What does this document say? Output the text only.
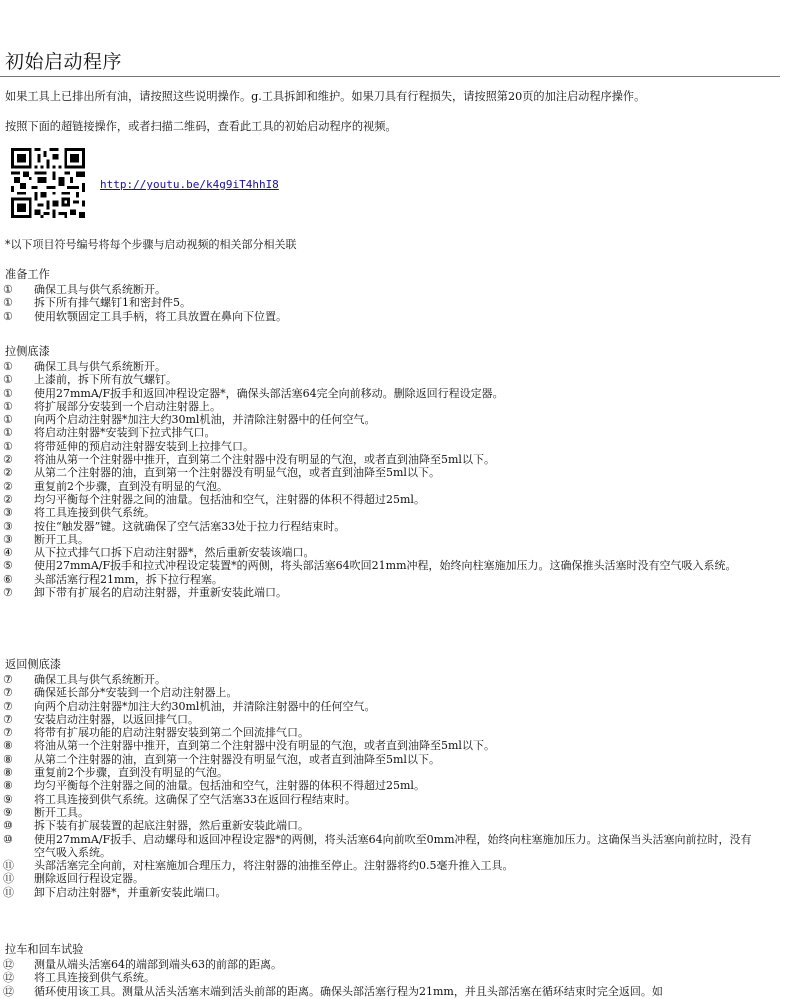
初始启动程序

如果工具上已排出所有油，请按照这些说明操作。g.工具拆卸和维护。如果刀具有行程损失，请按照第20页的加注启动程序操作。

按照下面的超链接操作，或者扫描二维码，查看此工具的初始启动程序的视频。

http://youtu.be/k4g9iT4hhI8

*以下项目符号编号将每个步骤与启动视频的相关部分相关联

准备工作
①	确保工具与供气系统断开。
①	拆下所有排气螺钉1和密封件5。
①	使用软颚固定工具手柄，将工具放置在鼻向下位置。
拉侧底漆
①	确保工具与供气系统断开。
①	上漆前，拆下所有放气螺钉。
①	使用27mmA/F扳手和返回冲程设定器*，确保头部活塞64完全向前移动。删除返回行程设定器。
①	将扩展部分安装到一个启动注射器上。
①	向两个启动注射器*加注大约30ml机油，并清除注射器中的任何空气。
①	将启动注射器*安装到下拉式排气口。
①	将带延伸的预启动注射器安装到上拉排气口。
②	将油从第一个注射器中推开，直到第二个注射器中没有明显的气泡，或者直到油降至5ml以下。
②	从第二个注射器的油，直到第一个注射器没有明显气泡，或者直到油降至5ml以下。
②	重复前2个步骤，直到没有明显的气泡。
②	均匀平衡每个注射器之间的油量。包括油和空气，注射器的体积不得超过25ml。
③	将工具连接到供气系统。
③	按住“触发器”键。这就确保了空气活塞33处于拉力行程结束时。
③	断开工具。
④	从下拉式排气口拆下启动注射器*，然后重新安装该端口。
⑤	使用27mmA/F扳手和拉式冲程设定装置*的两侧，将头部活塞64吹回21mm冲程，始终向柱塞施加压力。这确保推头活塞时没有空气吸入系统。
⑥	头部活塞行程21mm，拆下拉行程塞。
⑦	卸下带有扩展名的启动注射器，并重新安装此端口。
返回侧底漆
⑦	确保工具与供气系统断开。
⑦	确保延长部分*安装到一个启动注射器上。
⑦	向两个启动注射器*加注大约30ml机油，并清除注射器中的任何空气。
⑦	安装启动注射器，以返回排气口。
⑦	将带有扩展功能的启动注射器安装到第二个回流排气口。
⑧	将油从第一个注射器中推开，直到第二个注射器中没有明显的气泡，或者直到油降至5ml以下。
⑧	从第二个注射器的油，直到第一个注射器没有明显气泡，或者直到油降至5ml以下。
⑧	重复前2个步骤，直到没有明显的气泡。
⑧	均匀平衡每个注射器之间的油量。包括油和空气，注射器的体积不得超过25ml。
⑨	将工具连接到供气系统。这确保了空气活塞33在返回行程结束时。
⑨	断开工具。
⑩	拆下装有扩展装置的起底注射器，然后重新安装此端口。
⑩	使用27mmA/F扳手、启动螺母和返回冲程设定器*的两侧，将头活塞64向前吹至0mm冲程，始终向柱塞施加压力。这确保当头活塞向前拉时，没有空气吸入系统。
⑪	头部活塞完全向前，对柱塞施加合理压力，将注射器的油推至停止。注射器将约0.5毫升推入工具。
⑪	删除返回行程设定器。
⑪	卸下启动注射器*，并重新安装此端口。
拉车和回车试验
⑫	测量从端头活塞64的端部到端头63的前部的距离。
⑫	将工具连接到供气系统。
⑫	循环使用该工具。测量从活头活塞末端到活头前部的距离。确保头部活塞行程为21mm，并且头部活塞在循环结束时完全返回。如
